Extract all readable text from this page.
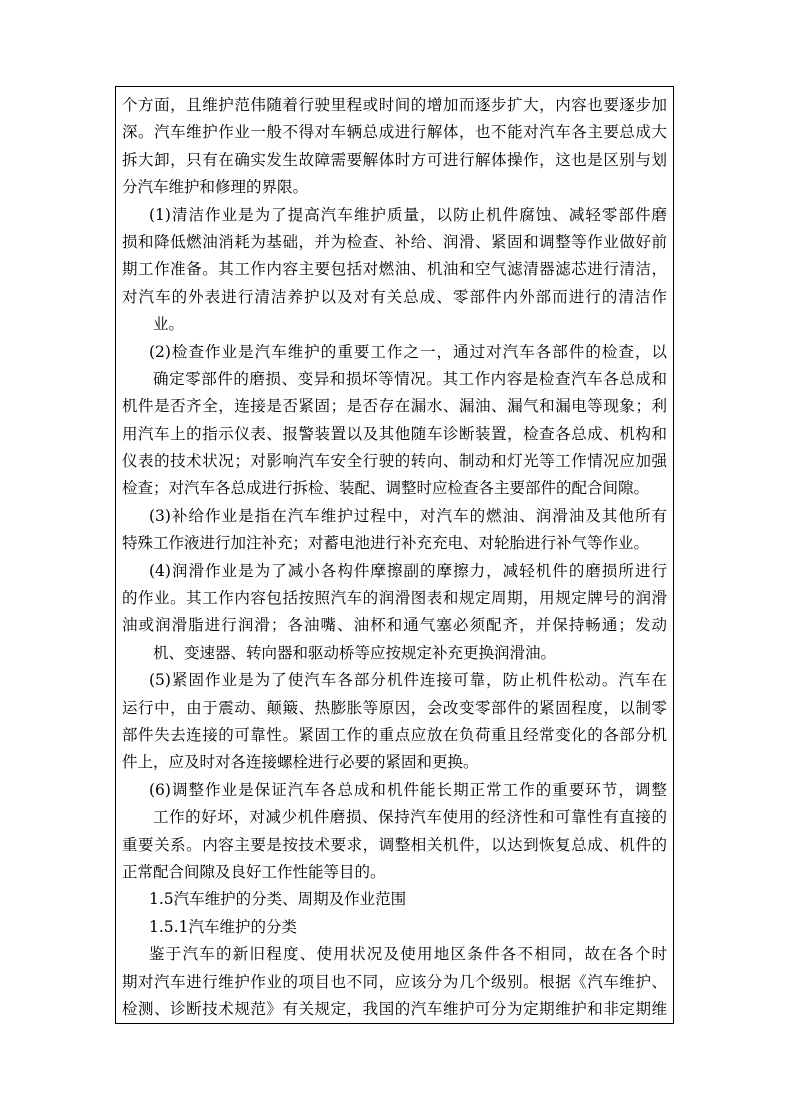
个方面，且维护范伟随着行驶里程或时间的增加而逐步扩大，内容也要逐步加
深。汽车维护作业一般不得对车辆总成进行解体，也不能对汽车各主要总成大
拆大卸，只有在确实发生故障需要解体时方可进行解体操作，这也是区别与划
分汽车维护和修理的界限。
(1)清洁作业是为了提高汽车维护质量，以防止机件腐蚀、减轻零部件磨
损和降低燃油消耗为基础，并为检查、补给、润滑、紧固和调整等作业做好前
期工作准备。其工作内容主要包括对燃油、机油和空气滤清器滤芯进行清洁，
对汽车的外表进行清洁养护以及对有关总成、零部件内外部而进行的清洁作
业。
(2)检查作业是汽车维护的重要工作之一，通过对汽车各部件的检查，以
确定零部件的磨损、变异和损坏等情况。其工作内容是检查汽车各总成和
机件是否齐全，连接是否紧固；是否存在漏水、漏油、漏气和漏电等现象；利
用汽车上的指示仪表、报警装置以及其他随车诊断装置，检查各总成、机构和
仪表的技术状况；对影响汽车安全行驶的转向、制动和灯光等工作情况应加强
检查；对汽车各总成进行拆检、装配、调整时应检查各主要部件的配合间隙。
(3)补给作业是指在汽车维护过程中，对汽车的燃油、润滑油及其他所有
特殊工作液进行加注补充；对蓄电池进行补充充电、对轮胎进行补气等作业。
(4)润滑作业是为了减小各构件摩擦副的摩擦力，减轻机件的磨损所进行
的作业。其工作内容包括按照汽车的润滑图表和规定周期，用规定牌号的润滑
油或润滑脂进行润滑；各油嘴、油杯和通气塞必须配齐，并保持畅通；发动
机、变速器、转向器和驱动桥等应按规定补充更换润滑油。
(5)紧固作业是为了使汽车各部分机件连接可靠，防止机件松动。汽车在
运行中，由于震动、颠簸、热膨胀等原因，会改变零部件的紧固程度，以制零
部件失去连接的可靠性。紧固工作的重点应放在负荷重且经常变化的各部分机
件上，应及时对各连接螺栓进行必要的紧固和更换。
(6)调整作业是保证汽车各总成和机件能长期正常工作的重要环节，调整
工作的好坏，对减少机件磨损、保持汽车使用的经济性和可靠性有直接的
重要关系。内容主要是按技术要求，调整相关机件，以达到恢复总成、机件的
正常配合间隙及良好工作性能等目的。
1.5汽车维护的分类、周期及作业范围
1.5.1汽车维护的分类
鉴于汽车的新旧程度、使用状况及使用地区条件各不相同，故在各个时
期对汽车进行维护作业的项目也不同，应该分为几个级别。根据《汽车维护、
检测、诊断技术规范》有关规定，我国的汽车维护可分为定期维护和非定期维
